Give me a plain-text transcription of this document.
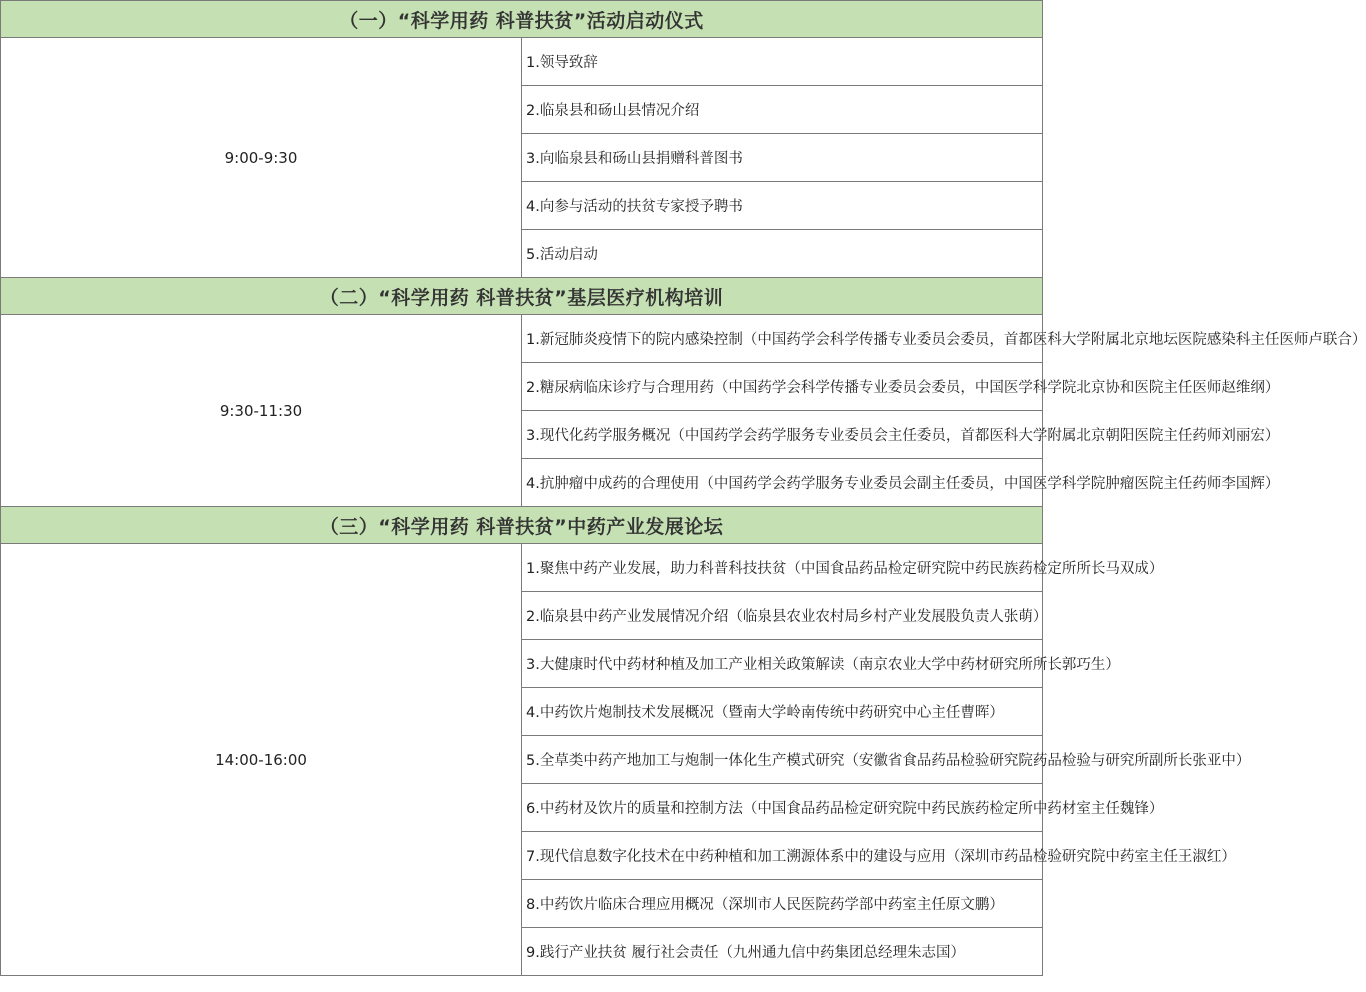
（一）“科学用药 科普扶贫”活动启动仪式	
9:00-9:30	1.领导致辞
	2.临泉县和砀山县情况介绍
	3.向临泉县和砀山县捐赠科普图书
	4.向参与活动的扶贫专家授予聘书
	5.活动启动
（二）“科学用药 科普扶贫”基层医疗机构培训	
9:30-11:30	1.新冠肺炎疫情下的院内感染控制（中国药学会科学传播专业委员会委员，首都医科大学附属北京地坛医院感染科主任医师卢联合）
	2.糖尿病临床诊疗与合理用药（中国药学会科学传播专业委员会委员，中国医学科学院北京协和医院主任医师赵维纲）
	3.现代化药学服务概况（中国药学会药学服务专业委员会主任委员，首都医科大学附属北京朝阳医院主任药师刘丽宏）
	4.抗肿瘤中成药的合理使用（中国药学会药学服务专业委员会副主任委员，中国医学科学院肿瘤医院主任药师李国辉）
（三）“科学用药 科普扶贫”中药产业发展论坛	
14:00-16:00	1.聚焦中药产业发展，助力科普科技扶贫（中国食品药品检定研究院中药民族药检定所所长马双成）
	2.临泉县中药产业发展情况介绍（临泉县农业农村局乡村产业发展股负责人张萌）
	3.大健康时代中药材种植及加工产业相关政策解读（南京农业大学中药材研究所所长郭巧生）
	4.中药饮片炮制技术发展概况（暨南大学岭南传统中药研究中心主任曹晖）
	5.全草类中药产地加工与炮制一体化生产模式研究（安徽省食品药品检验研究院药品检验与研究所副所长张亚中）
	6.中药材及饮片的质量和控制方法（中国食品药品检定研究院中药民族药检定所中药材室主任魏锋）
	7.现代信息数字化技术在中药种植和加工溯源体系中的建设与应用（深圳市药品检验研究院中药室主任王淑红）
	8.中药饮片临床合理应用概况（深圳市人民医院药学部中药室主任原文鹏）
	9.践行产业扶贫 履行社会责任（九州通九信中药集团总经理朱志国）
